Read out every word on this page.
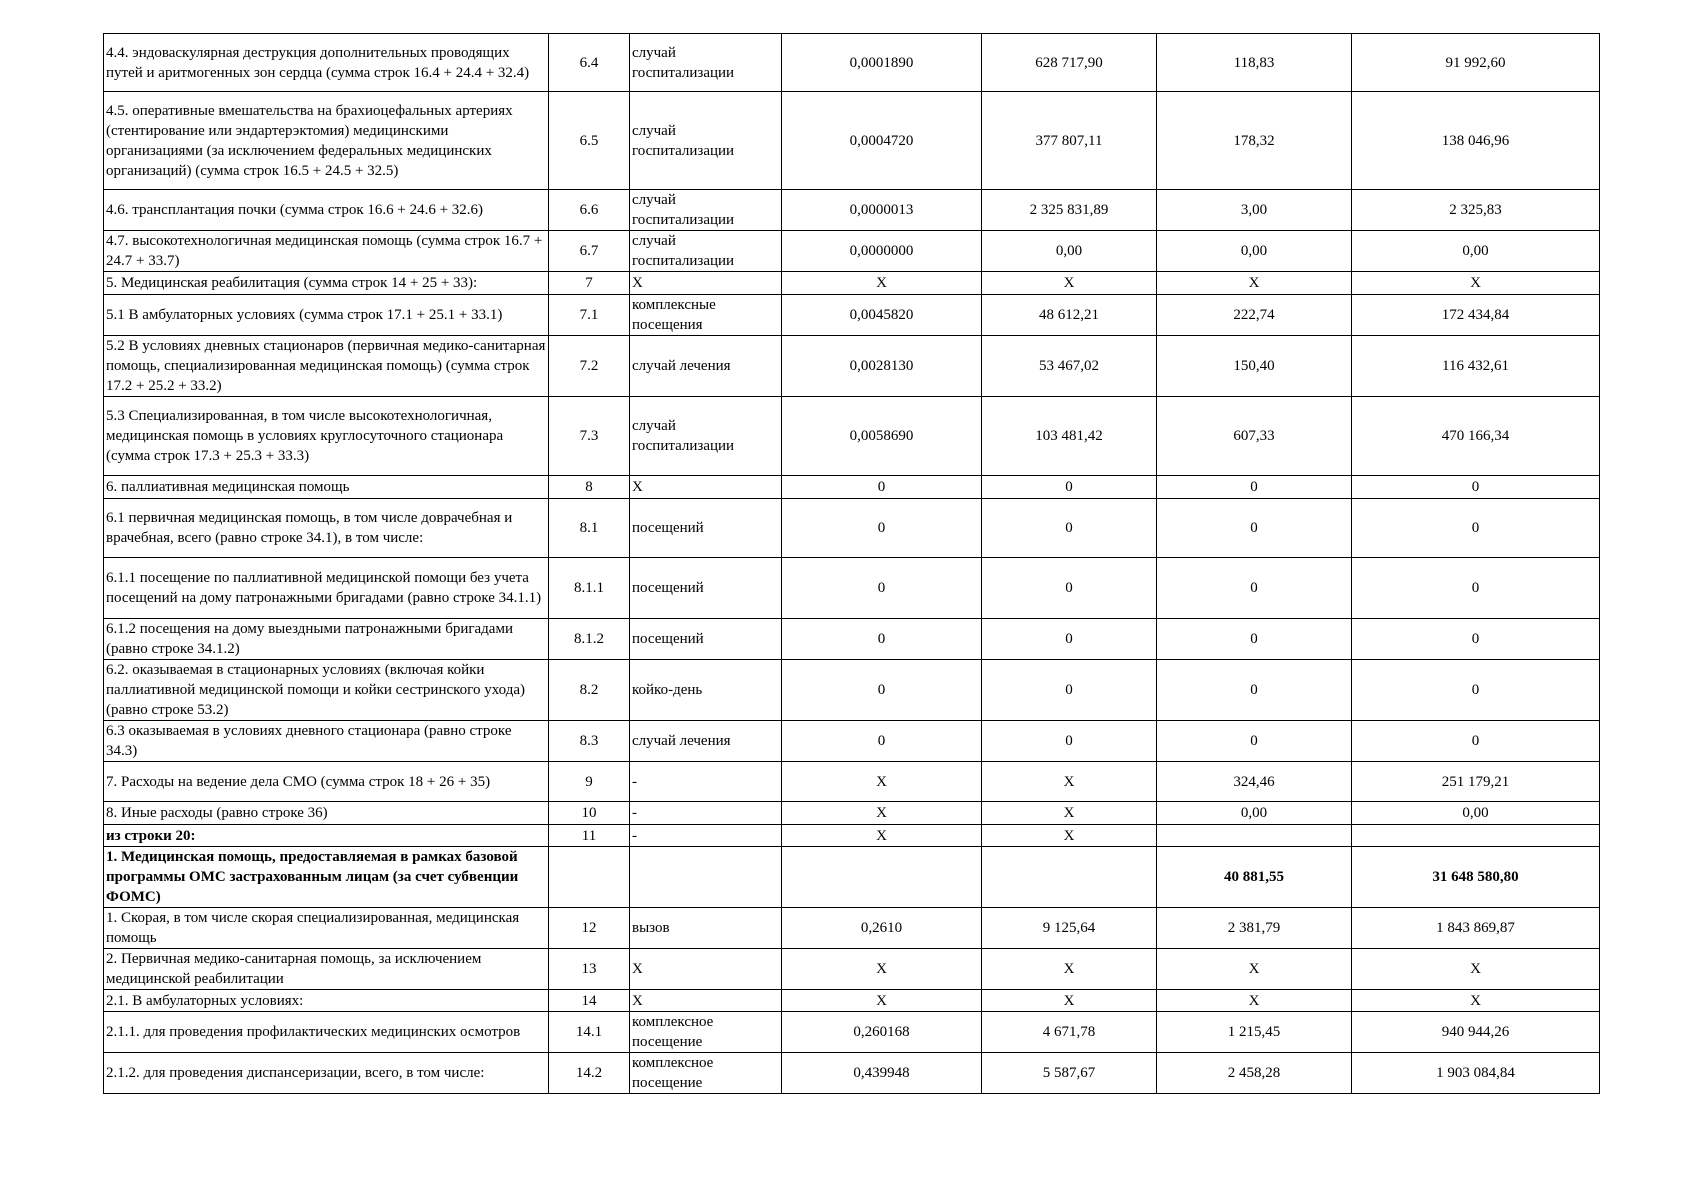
4.4. эндоваскулярная деструкция дополнительных проводящих путей и аритмогенных зон сердца (сумма строк 16.4 + 24.4 + 32.4)	6.4	случай госпитализации	0,0001890	628 717,90	118,83	91 992,60
4.5. оперативные вмешательства на брахиоцефальных артериях (стентирование или эндартерэктомия) медицинскими организациями (за исключением федеральных медицинских организаций) (сумма строк 16.5 + 24.5 + 32.5)	6.5	случай госпитализации	0,0004720	377 807,11	178,32	138 046,96
4.6. трансплантация почки (сумма строк 16.6 + 24.6 + 32.6)	6.6	случай госпитализации	0,0000013	2 325 831,89	3,00	2 325,83
4.7. высокотехнологичная медицинская помощь (сумма строк 16.7 + 24.7 + 33.7)	6.7	случай госпитализации	0,0000000	0,00	0,00	0,00
5. Медицинская реабилитация (сумма строк 14 + 25 + 33):	7	X	X	X	X	X
5.1 В амбулаторных условиях (сумма строк 17.1 + 25.1 + 33.1)	7.1	комплексные посещения	0,0045820	48 612,21	222,74	172 434,84
5.2 В условиях дневных стационаров (первичная медико-санитарная помощь, специализированная медицинская помощь) (сумма строк 17.2 + 25.2 + 33.2)	7.2	случай лечения	0,0028130	53 467,02	150,40	116 432,61
5.3 Специализированная, в том числе высокотехнологичная, медицинская помощь в условиях круглосуточного стационара (сумма строк 17.3 + 25.3 + 33.3)	7.3	случай госпитализации	0,0058690	103 481,42	607,33	470 166,34
6. паллиативная медицинская помощь	8	X	0	0	0	0
6.1 первичная медицинская помощь, в том числе доврачебная и врачебная, всего (равно строке 34.1), в том числе:	8.1	посещений	0	0	0	0
6.1.1 посещение по паллиативной медицинской помощи без учета посещений на дому патронажными бригадами (равно строке 34.1.1)	8.1.1	посещений	0	0	0	0
6.1.2 посещения на дому выездными патронажными бригадами (равно строке 34.1.2)	8.1.2	посещений	0	0	0	0
6.2. оказываемая в стационарных условиях (включая койки паллиативной медицинской помощи и койки сестринского ухода) (равно строке 53.2)	8.2	койко-день	0	0	0	0
6.3 оказываемая в условиях дневного стационара (равно строке 34.3)	8.3	случай лечения	0	0	0	0
7. Расходы на ведение дела СМО (сумма строк 18 + 26 + 35)	9	-	X	X	324,46	251 179,21
8. Иные расходы (равно строке 36)	10	-	X	X	0,00	0,00
из строки 20:	11	-	X	X		
1. Медицинская помощь, предоставляемая в рамках базовой программы ОМС застрахованным лицам (за счет субвенции ФОМС)					40 881,55	31 648 580,80
1. Скорая, в том числе скорая специализированная, медицинская помощь	12	вызов	0,2610	9 125,64	2 381,79	1 843 869,87
2. Первичная медико-санитарная помощь, за исключением медицинской реабилитации	13	X	X	X	X	X
2.1. В амбулаторных условиях:	14	X	X	X	X	X
2.1.1. для проведения профилактических медицинских осмотров	14.1	комплексное посещение	0,260168	4 671,78	1 215,45	940 944,26
2.1.2. для проведения диспансеризации, всего, в том числе:	14.2	комплексное посещение	0,439948	5 587,67	2 458,28	1 903 084,84
